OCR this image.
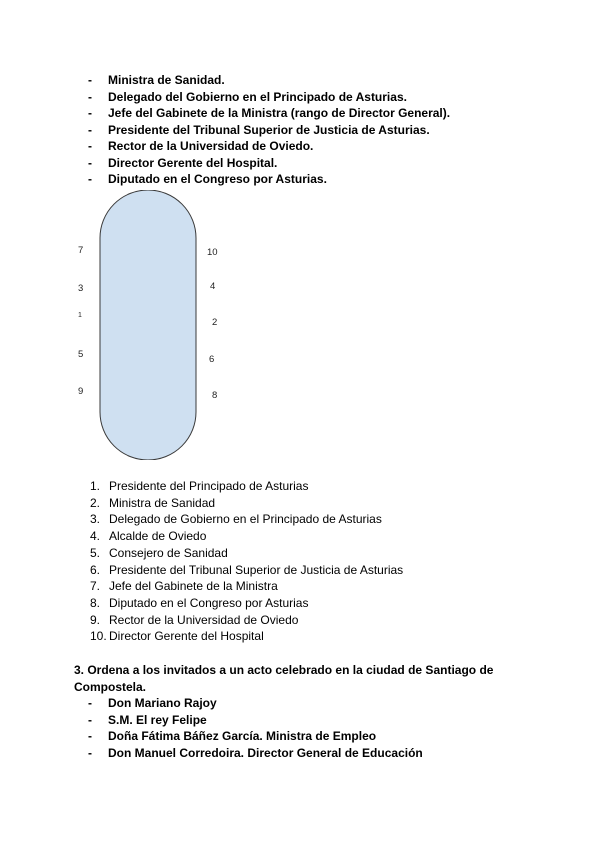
- Ministra de Sanidad.
- Delegado del Gobierno en el Principado de Asturias.
- Jefe del Gabinete de la Ministra (rango de Director General).
- Presidente del Tribunal Superior de Justicia de Asturias.
- Rector de la Universidad de Oviedo.
- Director Gerente del Hospital.
- Diputado en el Congreso por Asturias.
7
3
1
5
9
10
4
2
6
8
1. Presidente del Principado de Asturias
2. Ministra de Sanidad
3. Delegado de Gobierno en el Principado de Asturias
4. Alcalde de Oviedo
5. Consejero de Sanidad
6. Presidente del Tribunal Superior de Justicia de Asturias
7. Jefe del Gabinete de la Ministra
8. Diputado en el Congreso por Asturias
9. Rector de la Universidad de Oviedo
10. Director Gerente del Hospital
3. Ordena a los invitados a un acto celebrado en la ciudad de Santiago de Compostela.
- Don Mariano Rajoy
- S.M. El rey Felipe
- Doña Fátima Báñez García. Ministra de Empleo
- Don Manuel Corredoira. Director General de Educación
